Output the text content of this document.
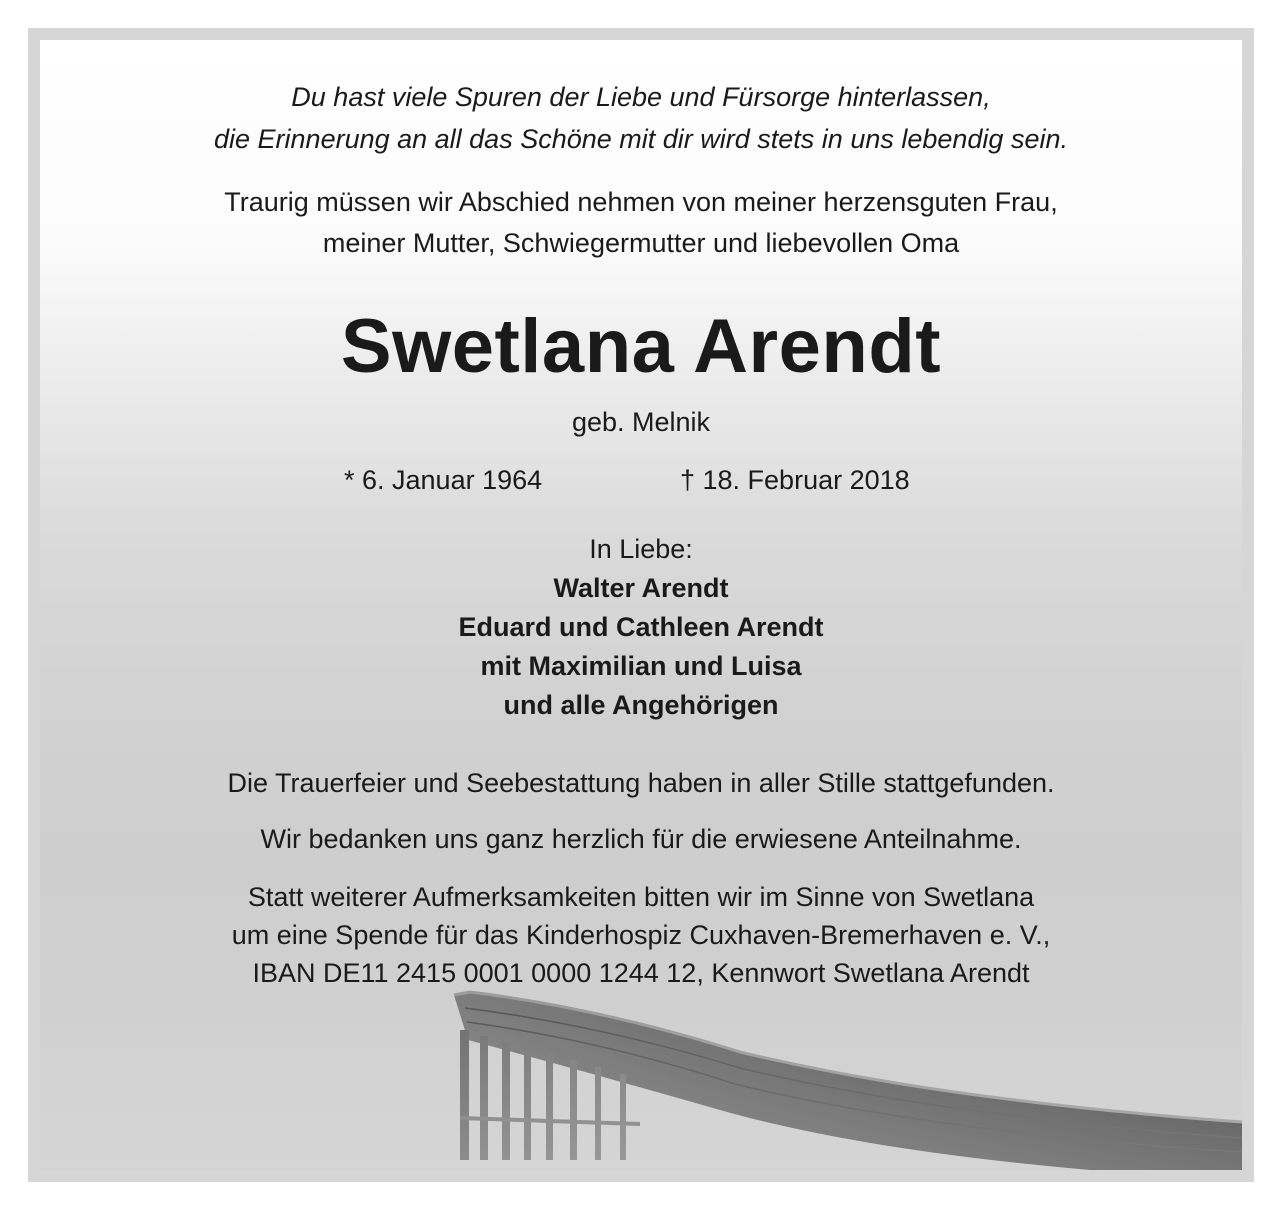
Du hast viele Spuren der Liebe und Fürsorge hinterlassen,
die Erinnerung an all das Schöne mit dir wird stets in uns lebendig sein.
Traurig müssen wir Abschied nehmen von meiner herzensguten Frau,
meiner Mutter, Schwiegermutter und liebevollen Oma
Swetlana Arendt
geb. Melnik
* 6. Januar 1964	† 18. Februar 2018
In Liebe:
Walter Arendt
Eduard und Cathleen Arendt
mit Maximilian und Luisa
und alle Angehörigen
Die Trauerfeier und Seebestattung haben in aller Stille stattgefunden.
Wir bedanken uns ganz herzlich für die erwiesene Anteilnahme.
Statt weiterer Aufmerksamkeiten bitten wir im Sinne von Swetlana
um eine Spende für das Kinderhospiz Cuxhaven-Bremerhaven e. V.,
IBAN DE11 2415 0001 0000 1244 12, Kennwort Swetlana Arendt
